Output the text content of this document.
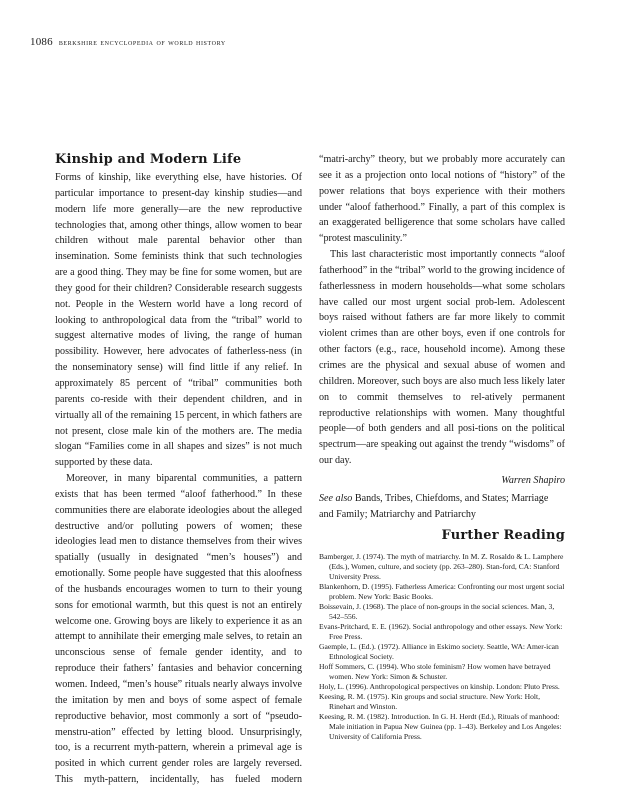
1086 berkshire encyclopedia of world history
Kinship and Modern Life

Forms of kinship, like everything else, have histories. Of particular importance to present-day kinship studies—and modern life more generally—are the new reproductive technologies that, among other things, allow women to bear children without male parental behavior other than insemination. Some feminists think that such technologies are a good thing. They may be fine for some women, but are they good for their children? Considerable research suggests not. People in the Western world have a long record of looking to anthropological data from the “tribal” world to suggest alternative modes of living, the range of human possibility. However, here advocates of fatherless-ness (in the nonseminatory sense) will find little if any relief. In approximately 85 percent of “tribal” communities both parents co-reside with their dependent children, and in virtually all of the remaining 15 percent, in which fathers are not present, close male kin of the mothers are. The media slogan “Families come in all shapes and sizes” is not much supported by these data.

Moreover, in many biparental communities, a pattern exists that has been termed “aloof fatherhood.” In these communities there are elaborate ideologies about the alleged destructive and/or polluting powers of women; these ideologies lead men to distance themselves from their wives spatially (usually in designated “men’s houses”) and emotionally. Some people have suggested that this aloofness of the husbands encourages women to turn to their young sons for emotional warmth, but this quest is not an entirely welcome one. Growing boys are likely to experience it as an attempt to annihilate their emerging male selves, to retain an unconscious sense of female gender identity, and to reproduce their fathers’ fantasies and behavior concerning women. Indeed, “men’s house” rituals nearly always involve the imitation by men and boys of some aspect of female reproductive behavior, most commonly a sort of “pseudo-menstru-ation” effected by letting blood. Unsurprisingly, too, is a recurrent myth-pattern, wherein a primeval age is posited in which current gender roles are largely reversed. This myth-pattern, incidentally, has fueled modern

“matri-archy” theory, but we probably more accurately can see it as a projection onto local notions of “history” of the power relations that boys experience with their mothers under “aloof fatherhood.” Finally, a part of this complex is an exaggerated belligerence that some scholars have called “protest masculinity.”

This last characteristic most importantly connects “aloof fatherhood” in the “tribal” world to the growing incidence of fatherlessness in modern households—what some scholars have called our most urgent social prob-lem. Adolescent boys raised without fathers are far more likely to commit violent crimes than are other boys, even if one controls for other factors (e.g., race, household income). Among these crimes are the physical and sexual abuse of women and children. Moreover, such boys are also much less likely later on to commit themselves to rel-atively permanent reproductive relationships with women. Many thoughtful people—of both genders and all posi-tions on the political spectrum—are speaking out against the trendy “wisdoms” of our day.

Warren Shapiro

See also Bands, Tribes, Chiefdoms, and States; Marriage and Family; Matriarchy and Patriarchy

Further Reading
Bamberger, J. (1974). The myth of matriarchy. In M. Z. Rosaldo & L. Lamphere (Eds.), Women, culture, and society (pp. 263–280). Stan-ford, CA: Stanford University Press.
Blankenhorn, D. (1995). Fatherless America: Confronting our most urgent social problem. New York: Basic Books.
Boissevain, J. (1968). The place of non-groups in the social sciences. Man, 3, 542–556.
Evans-Pritchard, E. E. (1962). Social anthropology and other essays. New York: Free Press.
Gaemple, L. (Ed.). (1972). Alliance in Eskimo society. Seattle, WA: Amer-ican Ethnological Society.
Hoff Sommers, C. (1994). Who stole feminism? How women have betrayed women. New York: Simon & Schuster.
Holy, L. (1996). Anthropological perspectives on kinship. London: Pluto Press.
Keesing, R. M. (1975). Kin groups and social structure. New York: Holt, Rinehart and Winston.
Keesing, R. M. (1982). Introduction. In G. H. Herdt (Ed.), Rituals of manhood: Male initiation in Papua New Guinea (pp. 1–43). Berkeley and Los Angeles: University of California Press.
